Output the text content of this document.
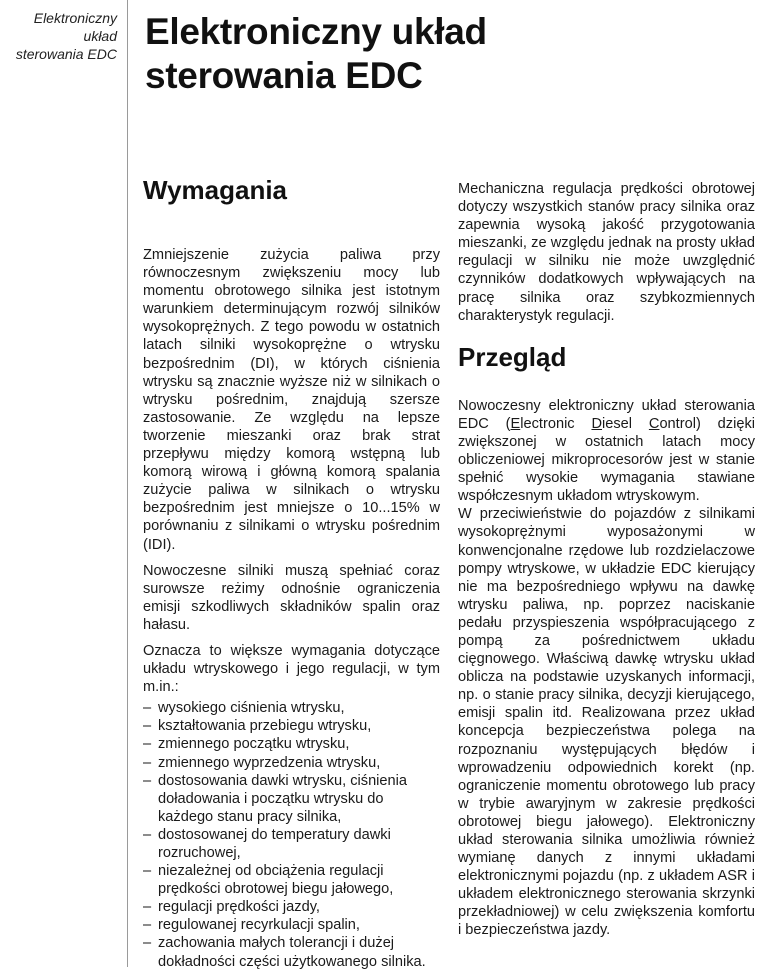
Elektroniczny
układ
sterowania EDC
Elektroniczny układ
sterowania EDC
Wymagania

Zmniejszenie zużycia paliwa przy równoczesnym zwiększeniu mocy lub momentu obrotowego silnika jest istotnym warunkiem determinującym rozwój silników wysokoprężnych. Z tego powodu w ostatnich latach silniki wysokoprężne o wtrysku bezpośrednim (DI), w których ciśnienia wtrysku są znacznie wyższe niż w silnikach o wtrysku pośrednim, znajdują szersze zastosowanie. Ze względu na lepsze tworzenie mieszanki oraz brak strat przepływu między komorą wstępną lub komorą wirową i główną komorą spalania zużycie paliwa w silnikach o wtrysku bezpośrednim jest mniejsze o 10...15% w porównaniu z silnikami o wtrysku pośrednim (IDI).

Nowoczesne silniki muszą spełniać coraz surowsze reżimy odnośnie ograniczenia emisji szkodliwych składników spalin oraz hałasu.

Oznacza to większe wymagania dotyczące układu wtryskowego i jego regulacji, w tym m.in.:

– wysokiego ciśnienia wtrysku,
– kształtowania przebiegu wtrysku,
– zmiennego początku wtrysku,
– zmiennego wyprzedzenia wtrysku,
– dostosowania dawki wtrysku, ciśnienia doładowania i początku wtrysku do każdego stanu pracy silnika,
– dostosowanej do temperatury dawki rozruchowej,
– niezależnej od obciążenia regulacji prędkości obrotowej biegu jałowego,
– regulacji prędkości jazdy,
– regulowanej recyrkulacji spalin,
– zachowania małych tolerancji i dużej dokładności części użytkowanego silnika.

Mechaniczna regulacja prędkości obrotowej dotyczy wszystkich stanów pracy silnika oraz zapewnia wysoką jakość przygotowania mieszanki, ze względu jednak na prosty układ regulacji w silniku nie może uwzględnić czynników dodatkowych wpływających na pracę silnika oraz szybkozmiennych charakterystyk regulacji.

Przegląd

Nowoczesny elektroniczny układ sterowania EDC (Electronic Diesel Control) dzięki zwiększonej w ostatnich latach mocy obliczeniowej mikroprocesorów jest w stanie spełnić wysokie wymagania stawiane współczesnym układom wtryskowym.

W przeciwieństwie do pojazdów z silnikami wysokoprężnymi wyposażonymi w konwencjonalne rzędowe lub rozdzielaczowe pompy wtryskowe, w układzie EDC kierujący nie ma bezpośredniego wpływu na dawkę wtrysku paliwa, np. poprzez naciskanie pedału przyspieszenia współpracującego z pompą za pośrednictwem układu cięgnowego. Właściwą dawkę wtrysku układ oblicza na podstawie uzyskanych informacji, np. o stanie pracy silnika, decyzji kierującego, emisji spalin itd. Realizowana przez układ koncepcja bezpieczeństwa polega na rozpoznaniu występujących błędów i wprowadzeniu odpowiednich korekt (np. ograniczenie momentu obrotowego lub pracy w trybie awaryjnym w zakresie prędkości obrotowej biegu jałowego). Elektroniczny układ sterowania silnika umożliwia również wymianę danych z innymi układami elektronicznymi pojazdu (np. z układem ASR i układem elektronicznego sterowania skrzynki przekładniowej) w celu zwiększenia komfortu i bezpieczeństwa jazdy.
